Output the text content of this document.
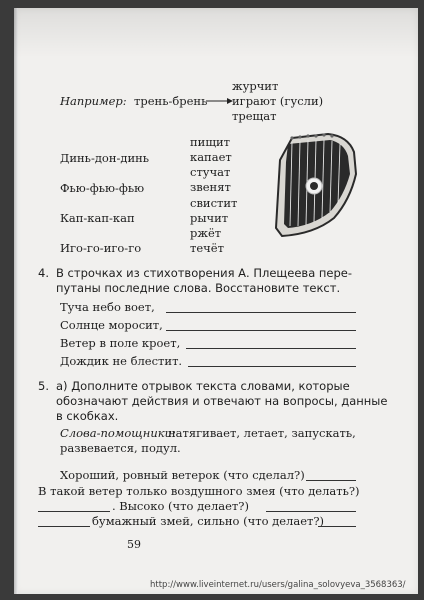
журчит
Например: трень-брень играют (гусли)
трещат
пищит
капает
стучат
звенят
свистит
рычит
ржёт
течёт
Динь-дон-динь
Фью-фью-фью
Кап-кап-кап
Иго-го-иго-го
4. В строчках из стихотворения А. Плещеева пере-
путаны последние слова. Восстановите текст.
Туча небо воет,
Солнце моросит,
Ветер в поле кроет,
Дождик не блестит.
5. а) Дополните отрывок текста словами, которые
обозначают действия и отвечают на вопросы, данные
в скобках.
Слова-помощники:
натягивает, летает, запускать,
развевается, подул.
Хороший, ровный ветерок (что сделал?)
В такой ветер только воздушного змея (что делать?)
. Высоко (что делает?)
бумажный змей, сильно (что делает?)
59
http://www.liveinternet.ru/users/galina_solovyeva_3568363/
